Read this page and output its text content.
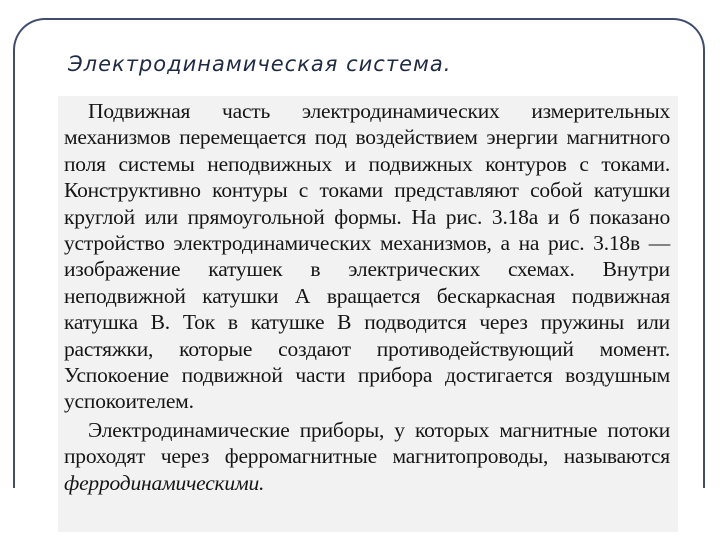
Электродинамическая система.

Подвижная часть электродинамических измерительных механизмов перемещается под воздействием энергии магнитного поля системы неподвижных и подвижных контуров с токами. Конструктивно контуры с токами представляют собой катушки круглой или прямоугольной формы. На рис. 3.18а и б показано устройство электродинамических механизмов, а на рис. 3.18в — изображение катушек в электрических схемах. Внутри неподвижной катушки А вращается бескаркасная подвижная катушка В. Ток в катушке В подводится через пружины или растяжки, которые создают противодействующий момент. Успокоение подвижной части прибора достигается воздушным успокоителем.

Электродинамические приборы, у которых магнитные потоки проходят через ферромагнитные магнитопроводы, называются ферродинамическими.
